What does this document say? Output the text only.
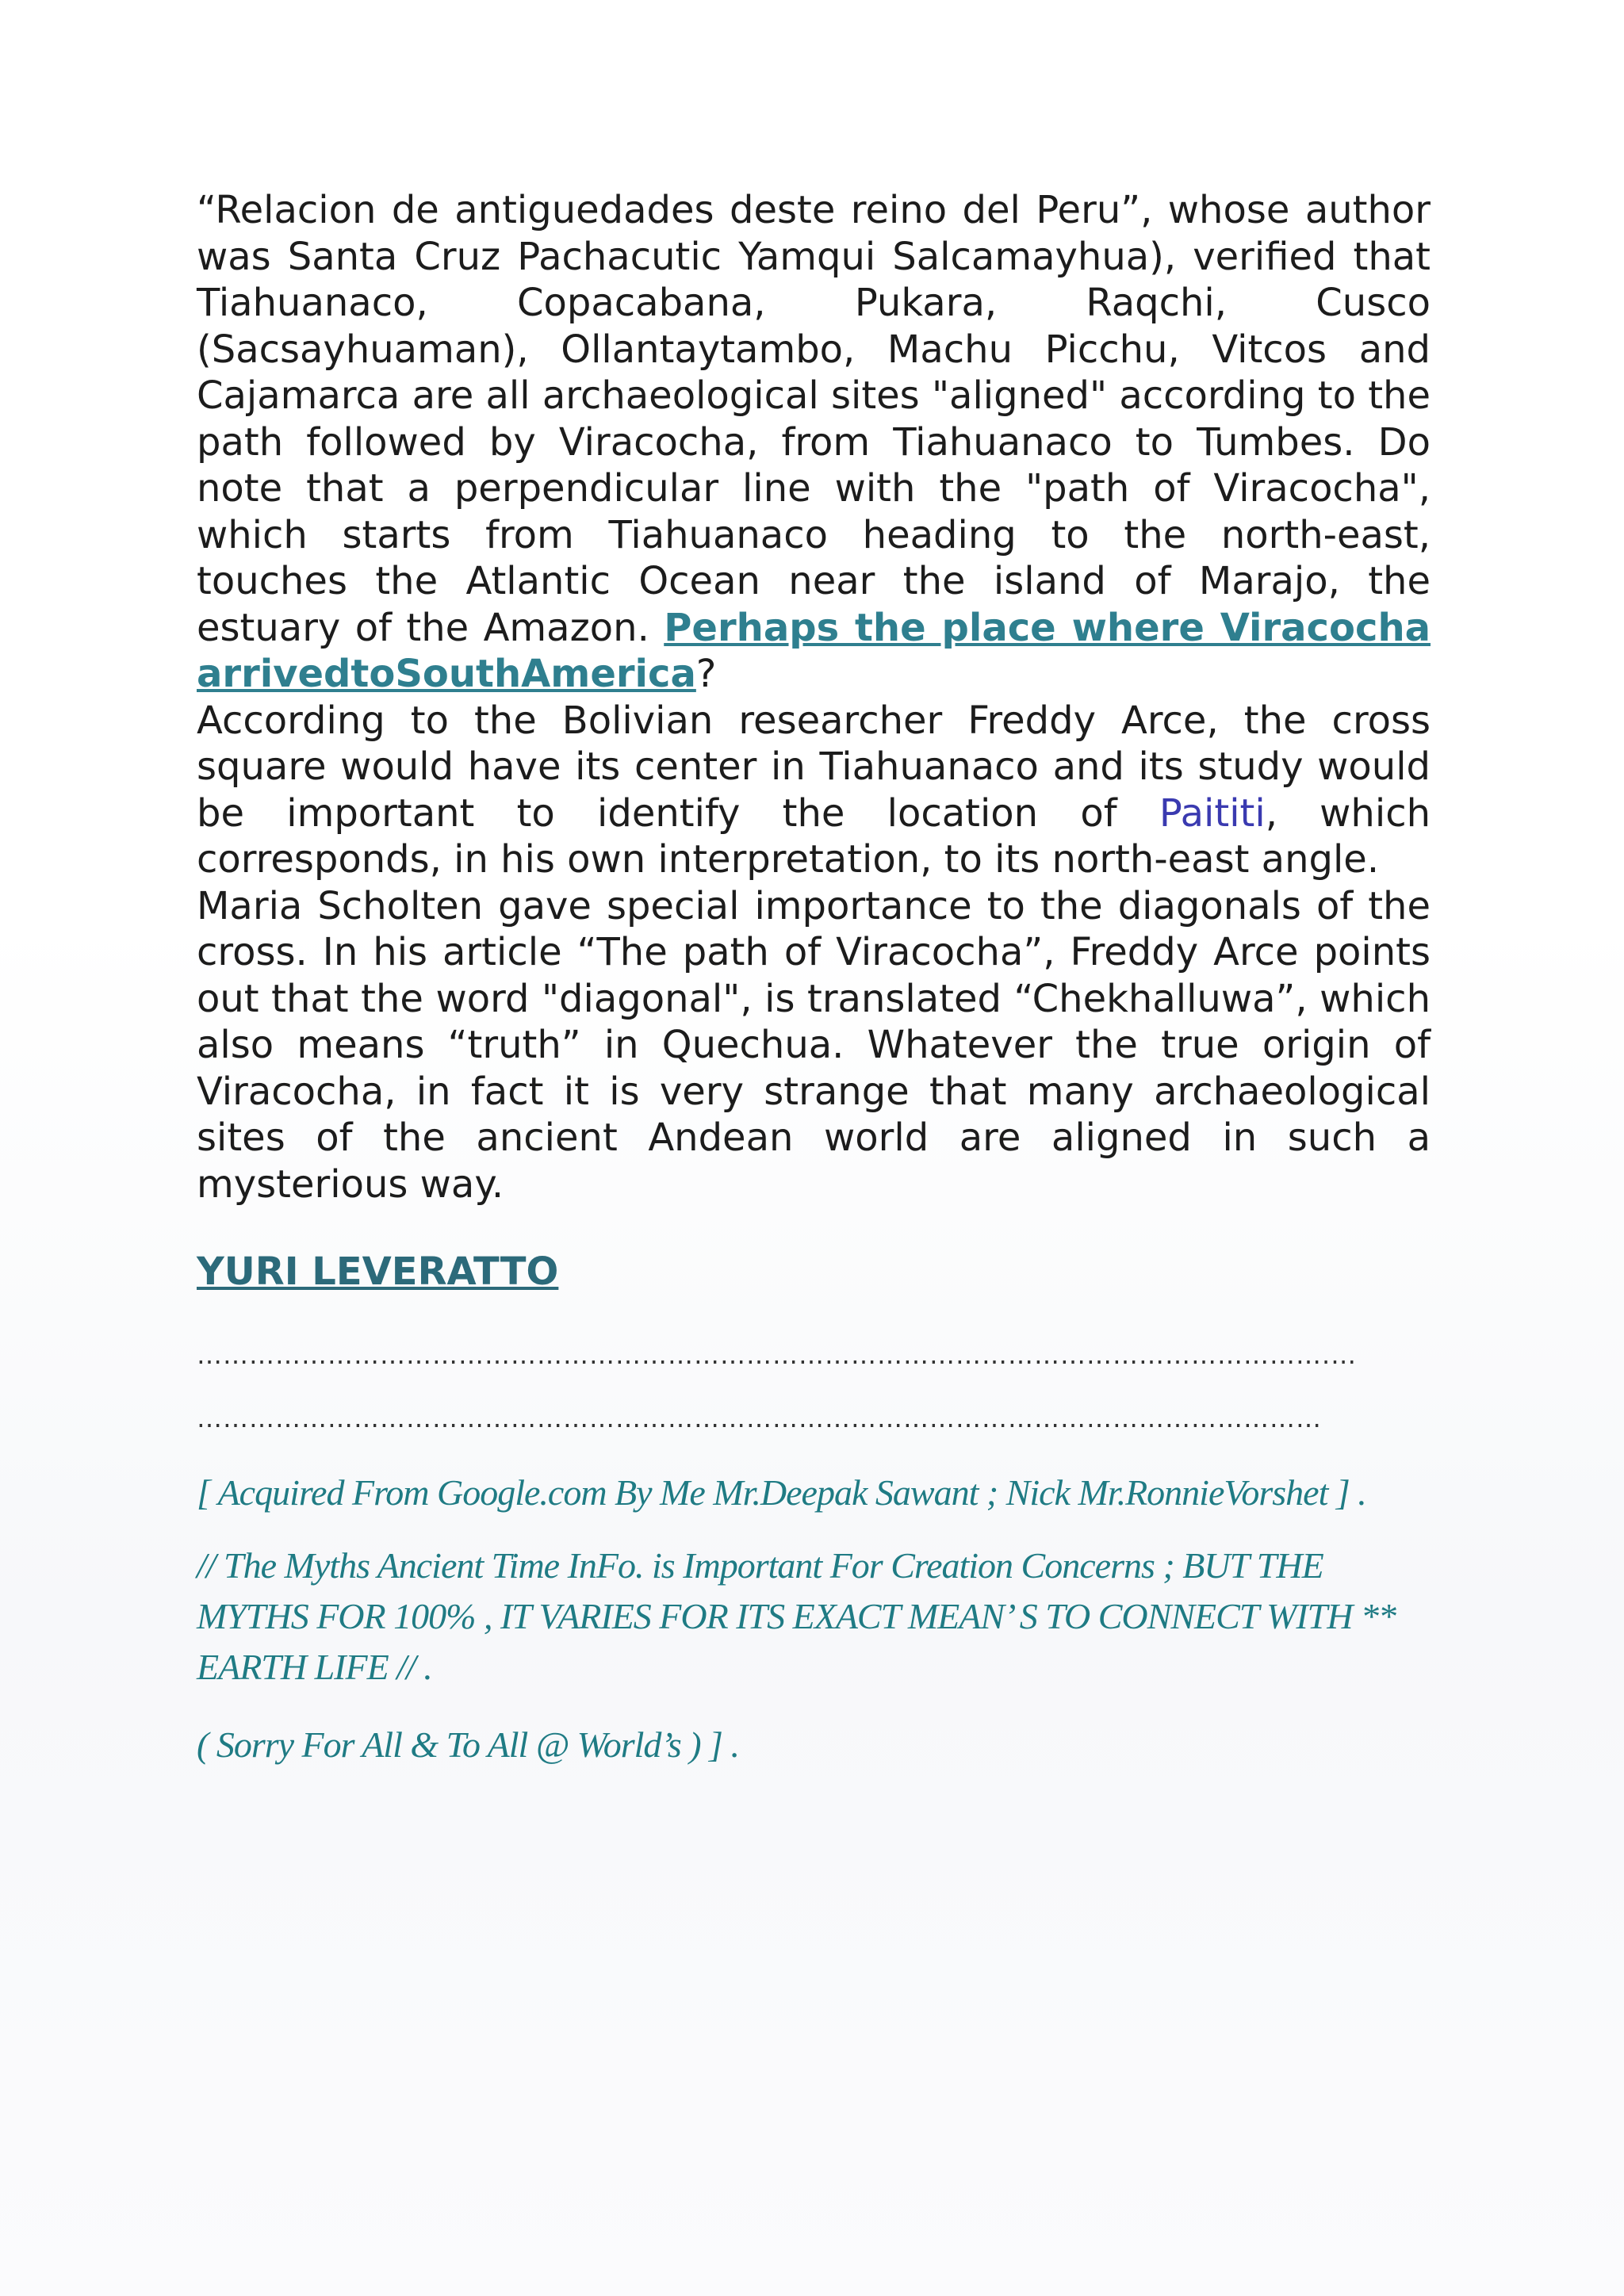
“Relacion de antiguedades deste reino del Peru”, whose author was Santa Cruz Pachacutic Yamqui Salcamayhua), verified that Tiahuanaco, Copacabana, Pukara, Raqchi, Cusco (Sacsayhuaman), Ollantaytambo, Machu Picchu, Vitcos and Cajamarca are all archaeological sites "aligned" according to the path followed by Viracocha, from Tiahuanaco to Tumbes. Do note that a perpendicular line with the "path of Viracocha", which starts from Tiahuanaco heading to the north-east, touches the Atlantic Ocean near the island of Marajo, the estuary of the Amazon. Perhaps the place where Viracocha arrivedtoSouthAmerica?

According to the Bolivian researcher Freddy Arce, the cross square would have its center in Tiahuanaco and its study would be important to identify the location of Paititi, which corresponds, in his own interpretation, to its north-east angle.

Maria Scholten gave special importance to the diagonals of the cross. In his article “The path of Viracocha”, Freddy Arce points out that the word "diagonal", is translated “Chekhalluwa”, which also means “truth” in Quechua. Whatever the true origin of Viracocha, in fact it is very strange that many archaeological sites of the ancient Andean world are aligned in such a mysterious way.

YURI LEVERATTO
………………………………………………………………………………………………………………….…
…………………………………………………………………………………………………………………
[ Acquired From Google.com By Me Mr.Deepak Sawant ; Nick Mr.RonnieVorshet ] .
// The Myths Ancient Time InFo. is Important For Creation Concerns ; BUT THE MYTHS FOR 100% , IT VARIES FOR ITS EXACT MEAN’ S TO CONNECT WITH ** EARTH LIFE // .
( Sorry For All & To All @ World’s ) ] .
